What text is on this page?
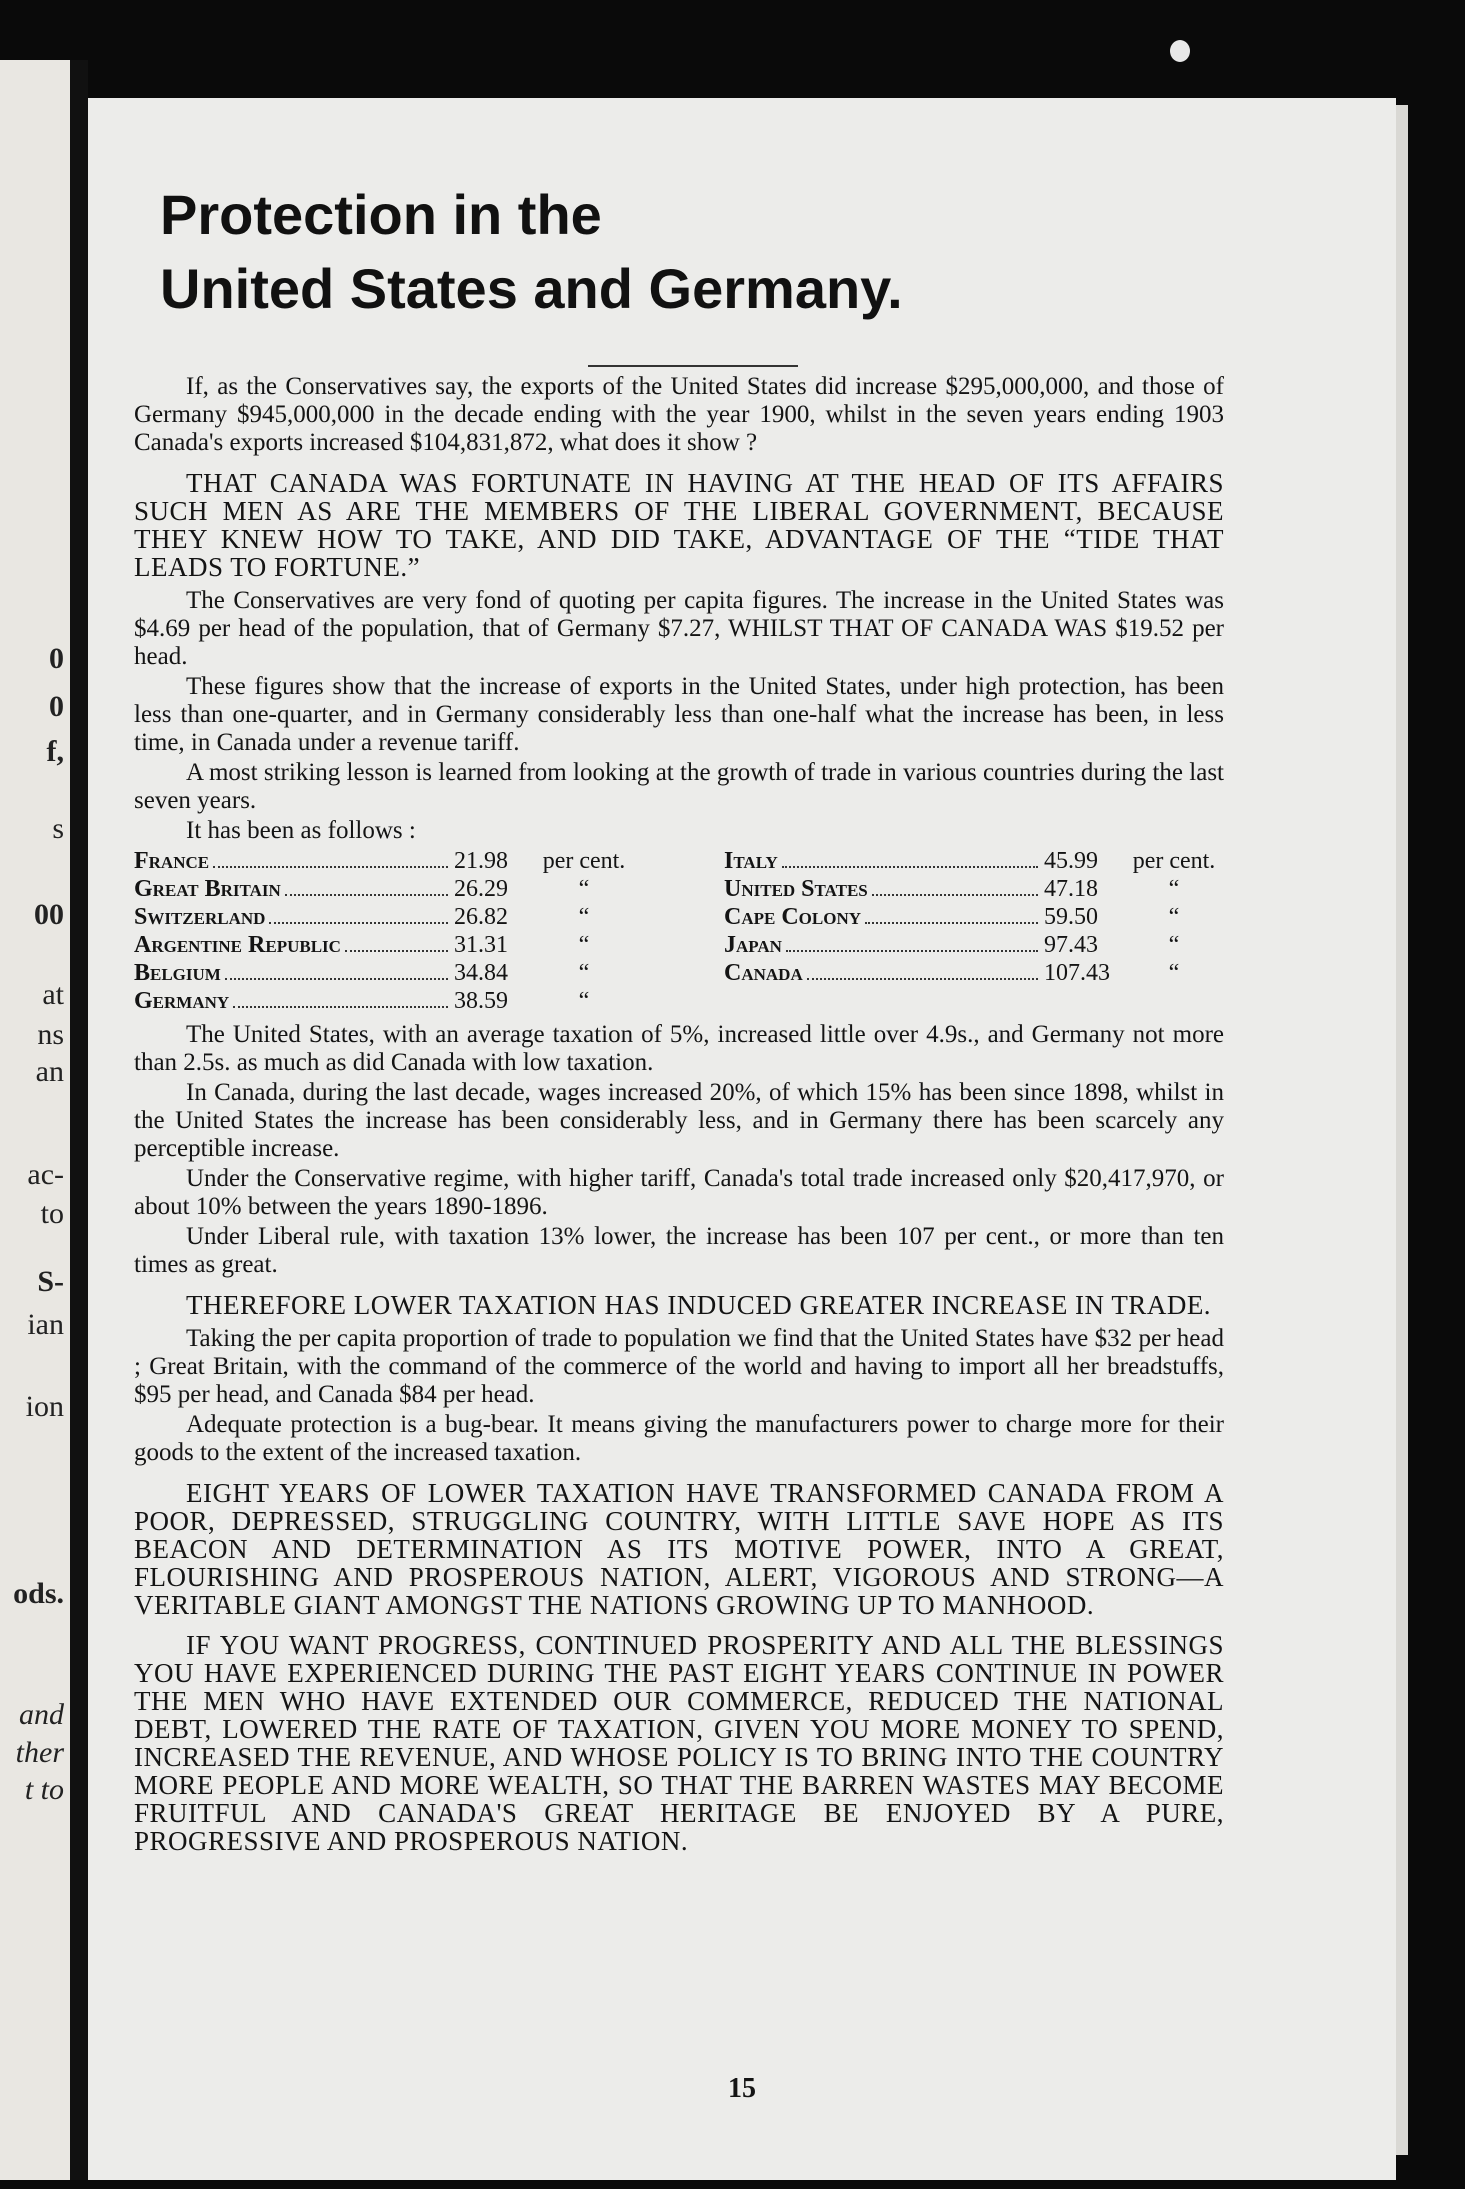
0
0
f,
s
00
at
ns
an
ac-
to
S-
ian
ion
ods.
and
ther
t to
Protection in the
United States and Germany.

If, as the Conservatives say, the exports of the United States did increase $295,000,000, and those of Germany $945,000,000 in the decade ending with the year 1900, whilst in the seven years ending 1903 Canada's exports increased $104,831,872, what does it show ?

THAT CANADA WAS FORTUNATE IN HAVING AT THE HEAD OF ITS AFFAIRS SUCH MEN AS ARE THE MEMBERS OF THE LIBERAL GOVERNMENT, BECAUSE THEY KNEW HOW TO TAKE, AND DID TAKE, ADVANTAGE OF THE “TIDE THAT LEADS TO FORTUNE.”

The Conservatives are very fond of quoting per capita figures. The increase in the United States was $4.69 per head of the population, that of Germany $7.27, WHILST THAT OF CANADA WAS $19.52 per head.

These figures show that the increase of exports in the United States, under high protection, has been less than one-quarter, and in Germany considerably less than one-half what the increase has been, in less time, in Canada under a revenue tariff.

A most striking lesson is learned from looking at the growth of trade in various countries during the last seven years.

It has been as follows :

France	21.98	per cent.
Great Britain	26.29	“
Switzerland	26.82	“
Argentine Republic	31.31	“
Belgium	34.84	“
Germany	38.59	“
Italy	45.99	per cent.
United States	47.18	“
Cape Colony	59.50	“
Japan	97.43	“
Canada	107.43	“

The United States, with an average taxation of 5%, increased little over 4.9s., and Germany not more than 2.5s. as much as did Canada with low taxation.

In Canada, during the last decade, wages increased 20%, of which 15% has been since 1898, whilst in the United States the increase has been considerably less, and in Germany there has been scarcely any perceptible increase.

Under the Conservative regime, with higher tariff, Canada's total trade increased only $20,417,970, or about 10% between the years 1890-1896.

Under Liberal rule, with taxation 13% lower, the increase has been 107 per cent., or more than ten times as great.

THEREFORE LOWER TAXATION HAS INDUCED GREATER INCREASE IN TRADE.

Taking the per capita proportion of trade to population we find that the United States have $32 per head ; Great Britain, with the command of the commerce of the world and having to import all her breadstuffs, $95 per head, and Canada $84 per head.

Adequate protection is a bug-bear. It means giving the manufacturers power to charge more for their goods to the extent of the increased taxation.

EIGHT YEARS OF LOWER TAXATION HAVE TRANSFORMED CANADA FROM A POOR, DEPRESSED, STRUGGLING COUNTRY, WITH LITTLE SAVE HOPE AS ITS BEACON AND DETERMINATION AS ITS MOTIVE POWER, INTO A GREAT, FLOURISHING AND PROSPEROUS NATION, ALERT, VIGOROUS AND STRONG—A VERITABLE GIANT AMONGST THE NATIONS GROWING UP TO MANHOOD.

IF YOU WANT PROGRESS, CONTINUED PROSPERITY AND ALL THE BLESSINGS YOU HAVE EXPERIENCED DURING THE PAST EIGHT YEARS CONTINUE IN POWER THE MEN WHO HAVE EXTENDED OUR COMMERCE, REDUCED THE NATIONAL DEBT, LOWERED THE RATE OF TAXATION, GIVEN YOU MORE MONEY TO SPEND, INCREASED THE REVENUE, AND WHOSE POLICY IS TO BRING INTO THE COUNTRY MORE PEOPLE AND MORE WEALTH, SO THAT THE BARREN WASTES MAY BECOME FRUITFUL AND CANADA'S GREAT HERITAGE BE ENJOYED BY A PURE, PROGRESSIVE AND PROSPEROUS NATION.

15
